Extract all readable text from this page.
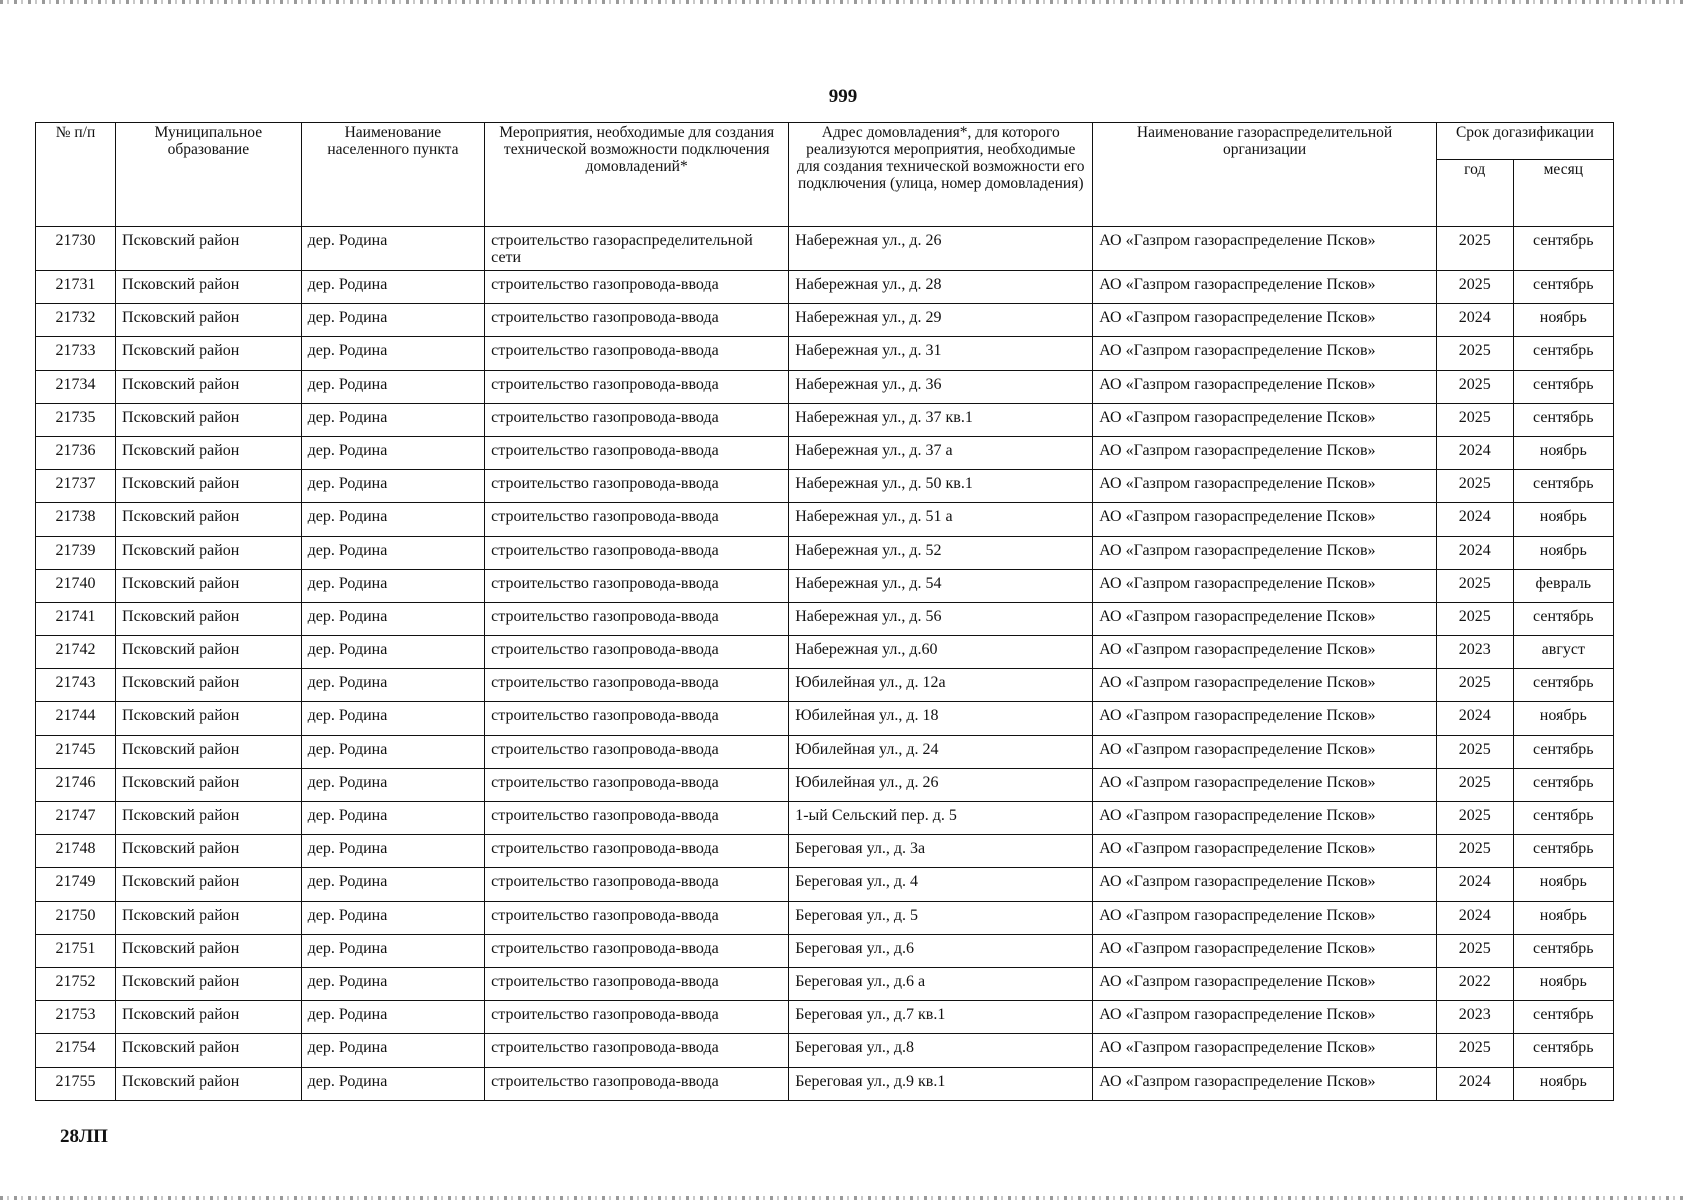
999
№ п/п	Муниципальное образование	Наименование населенного пункта	Мероприятия, необходимые для создания технической возможности подключения домовладений*	Адрес домовладения*, для которого реализуются мероприятия, необходимые для создания технической возможности его подключения (улица, номер домовладения)	Наименование газораспределительной организации	Срок догазификации	
						год	месяц
21730	Псковский район	дер. Родина	строительство газораспределительной сети	Набережная ул., д. 26	АО «Газпром газораспределение Псков»	2025	сентябрь
21731	Псковский район	дер. Родина	строительство газопровода-ввода	Набережная ул., д. 28	АО «Газпром газораспределение Псков»	2025	сентябрь
21732	Псковский район	дер. Родина	строительство газопровода-ввода	Набережная ул., д. 29	АО «Газпром газораспределение Псков»	2024	ноябрь
21733	Псковский район	дер. Родина	строительство газопровода-ввода	Набережная ул., д. 31	АО «Газпром газораспределение Псков»	2025	сентябрь
21734	Псковский район	дер. Родина	строительство газопровода-ввода	Набережная ул., д. 36	АО «Газпром газораспределение Псков»	2025	сентябрь
21735	Псковский район	дер. Родина	строительство газопровода-ввода	Набережная ул., д. 37 кв.1	АО «Газпром газораспределение Псков»	2025	сентябрь
21736	Псковский район	дер. Родина	строительство газопровода-ввода	Набережная ул., д. 37 а	АО «Газпром газораспределение Псков»	2024	ноябрь
21737	Псковский район	дер. Родина	строительство газопровода-ввода	Набережная ул., д. 50 кв.1	АО «Газпром газораспределение Псков»	2025	сентябрь
21738	Псковский район	дер. Родина	строительство газопровода-ввода	Набережная ул., д. 51 а	АО «Газпром газораспределение Псков»	2024	ноябрь
21739	Псковский район	дер. Родина	строительство газопровода-ввода	Набережная ул., д. 52	АО «Газпром газораспределение Псков»	2024	ноябрь
21740	Псковский район	дер. Родина	строительство газопровода-ввода	Набережная ул., д. 54	АО «Газпром газораспределение Псков»	2025	февраль
21741	Псковский район	дер. Родина	строительство газопровода-ввода	Набережная ул., д. 56	АО «Газпром газораспределение Псков»	2025	сентябрь
21742	Псковский район	дер. Родина	строительство газопровода-ввода	Набережная ул., д.60	АО «Газпром газораспределение Псков»	2023	август
21743	Псковский район	дер. Родина	строительство газопровода-ввода	Юбилейная ул., д. 12а	АО «Газпром газораспределение Псков»	2025	сентябрь
21744	Псковский район	дер. Родина	строительство газопровода-ввода	Юбилейная ул., д. 18	АО «Газпром газораспределение Псков»	2024	ноябрь
21745	Псковский район	дер. Родина	строительство газопровода-ввода	Юбилейная ул., д. 24	АО «Газпром газораспределение Псков»	2025	сентябрь
21746	Псковский район	дер. Родина	строительство газопровода-ввода	Юбилейная ул., д. 26	АО «Газпром газораспределение Псков»	2025	сентябрь
21747	Псковский район	дер. Родина	строительство газопровода-ввода	1-ый Сельский пер. д. 5	АО «Газпром газораспределение Псков»	2025	сентябрь
21748	Псковский район	дер. Родина	строительство газопровода-ввода	Береговая ул., д. 3а	АО «Газпром газораспределение Псков»	2025	сентябрь
21749	Псковский район	дер. Родина	строительство газопровода-ввода	Береговая ул., д. 4	АО «Газпром газораспределение Псков»	2024	ноябрь
21750	Псковский район	дер. Родина	строительство газопровода-ввода	Береговая ул., д. 5	АО «Газпром газораспределение Псков»	2024	ноябрь
21751	Псковский район	дер. Родина	строительство газопровода-ввода	Береговая ул., д.6	АО «Газпром газораспределение Псков»	2025	сентябрь
21752	Псковский район	дер. Родина	строительство газопровода-ввода	Береговая ул., д.6 а	АО «Газпром газораспределение Псков»	2022	ноябрь
21753	Псковский район	дер. Родина	строительство газопровода-ввода	Береговая ул., д.7 кв.1	АО «Газпром газораспределение Псков»	2023	сентябрь
21754	Псковский район	дер. Родина	строительство газопровода-ввода	Береговая ул., д.8	АО «Газпром газораспределение Псков»	2025	сентябрь
21755	Псковский район	дер. Родина	строительство газопровода-ввода	Береговая ул., д.9 кв.1	АО «Газпром газораспределение Псков»	2024	ноябрь
28ЛП
